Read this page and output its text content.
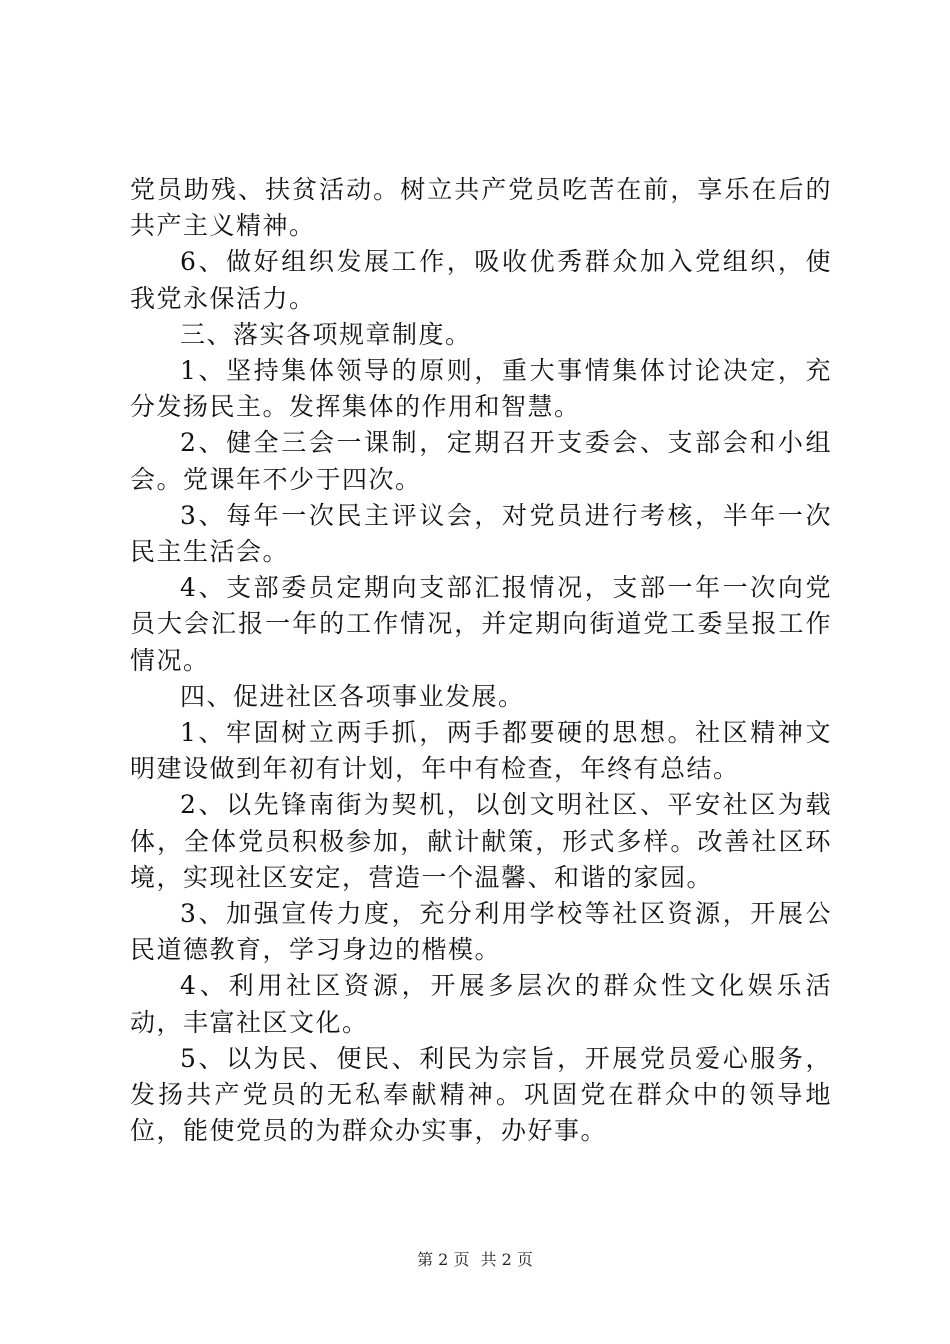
党员助残、扶贫活动。树立共产党员吃苦在前，享乐在后的共产主义精神。

6、做好组织发展工作，吸收优秀群众加入党组织，使我党永保活力。

三、落实各项规章制度。

1、坚持集体领导的原则，重大事情集体讨论决定，充分发扬民主。发挥集体的作用和智慧。

2、健全三会一课制，定期召开支委会、支部会和小组会。党课年不少于四次。

3、每年一次民主评议会，对党员进行考核，半年一次民主生活会。

4、支部委员定期向支部汇报情况，支部一年一次向党员大会汇报一年的工作情况，并定期向街道党工委呈报工作情况。

四、促进社区各项事业发展。

1、牢固树立两手抓，两手都要硬的思想。社区精神文明建设做到年初有计划，年中有检查，年终有总结。

2、以先锋南街为契机，以创文明社区、平安社区为载体，全体党员积极参加，献计献策，形式多样。改善社区环境，实现社区安定，营造一个温馨、和谐的家园。

3、加强宣传力度，充分利用学校等社区资源，开展公民道德教育，学习身边的楷模。

4、利用社区资源，开展多层次的群众性文化娱乐活动，丰富社区文化。

5、以为民、便民、利民为宗旨，开展党员爱心服务，发扬共产党员的无私奉献精神。巩固党在群众中的领导地位，能使党员的为群众办实事，办好事。

第 2 页 共 2 页
